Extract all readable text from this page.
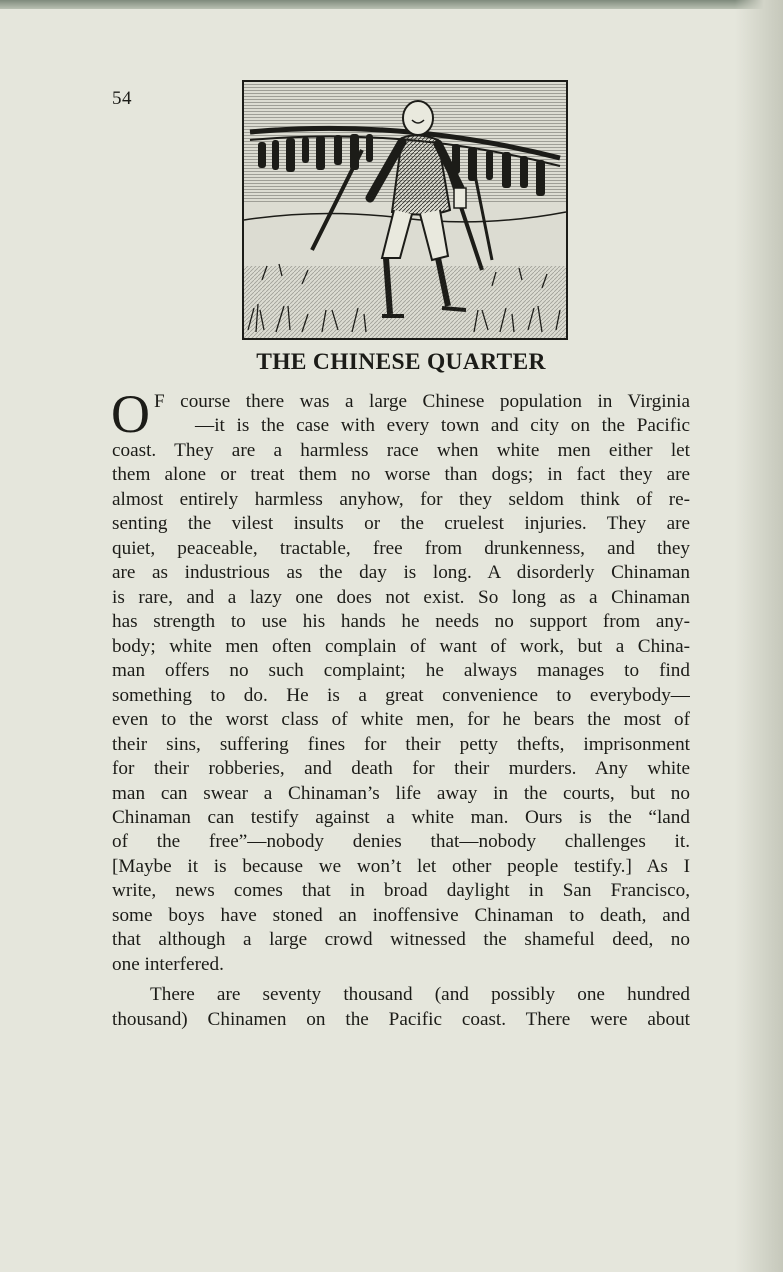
54
THE CHINESE QUARTER
O F course there was a large Chinese population in Virginia
—it is the case with every town and city on the Pacific
coast. They are a harmless race when white men either let
them alone or treat them no worse than dogs; in fact they are
almost entirely harmless anyhow, for they seldom think of re-
senting the vilest insults or the cruelest injuries. They are
quiet, peaceable, tractable, free from drunkenness, and they
are as industrious as the day is long. A disorderly Chinaman
is rare, and a lazy one does not exist. So long as a Chinaman
has strength to use his hands he needs no support from any-
body; white men often complain of want of work, but a China-
man offers no such complaint; he always manages to find
something to do. He is a great convenience to everybody—
even to the worst class of white men, for he bears the most of
their sins, suffering fines for their petty thefts, imprisonment
for their robberies, and death for their murders. Any white
man can swear a Chinaman’s life away in the courts, but no
Chinaman can testify against a white man. Ours is the “land
of the free”—nobody denies that—nobody challenges it.
[Maybe it is because we won’t let other people testify.] As I
write, news comes that in broad daylight in San Francisco,
some boys have stoned an inoffensive Chinaman to death, and
that although a large crowd witnessed the shameful deed, no
one interfered.
There are seventy thousand (and possibly one hundred
thousand) Chinamen on the Pacific coast. There were about
